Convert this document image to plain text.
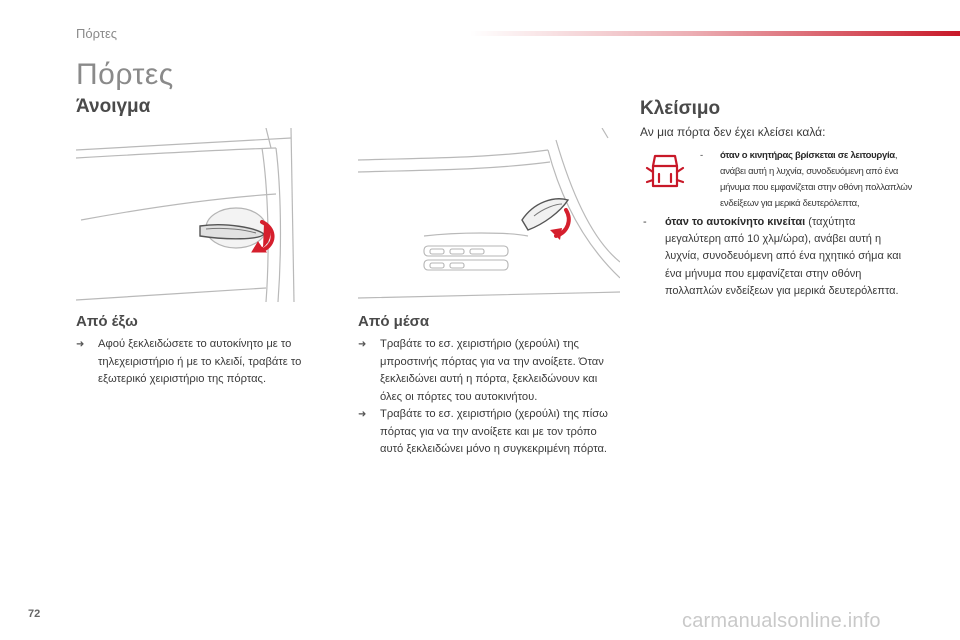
Πόρτες
Πόρτες
Άνοιγμα
Από έξω
➜ Αφού ξεκλειδώσετε το αυτοκίνητο με το τηλεχειριστήριο ή με το κλειδί, τραβάτε το εξωτερικό χειριστήριο της πόρτας.
Από μέσα
➜ Τραβάτε το εσ. χειριστήριο (χερούλι) της μπροστινής πόρτας για να την ανοίξετε. Όταν ξεκλειδώνει αυτή η πόρτα, ξεκλειδώνουν και όλες οι πόρτες του αυτοκινήτου.
➜ Τραβάτε το εσ. χειριστήριο (χερούλι) της πίσω πόρτας για να την ανοίξετε και με τον τρόπο αυτό ξεκλειδώνει μόνο η συγκεκριμένη πόρτα.
Κλείσιμο
Αν μια πόρτα δεν έχει κλείσει καλά:
-	όταν ο κινητήρας βρίσκεται σε λειτουργία, ανάβει αυτή η λυχνία, συνοδευόμενη από ένα μήνυμα που εμφανίζεται στην οθόνη πολλαπλών ενδείξεων για μερικά δευτερόλεπτα,
-	όταν το αυτοκίνητο κινείται (ταχύτητα μεγαλύτερη από 10 χλμ/ώρα), ανάβει αυτή η λυχνία, συνοδευόμενη από ένα ηχητικό σήμα και ένα μήνυμα που εμφανίζεται στην οθόνη πολλαπλών ενδείξεων για μερικά δευτερόλεπτα.
72	carmanualsonline.info
